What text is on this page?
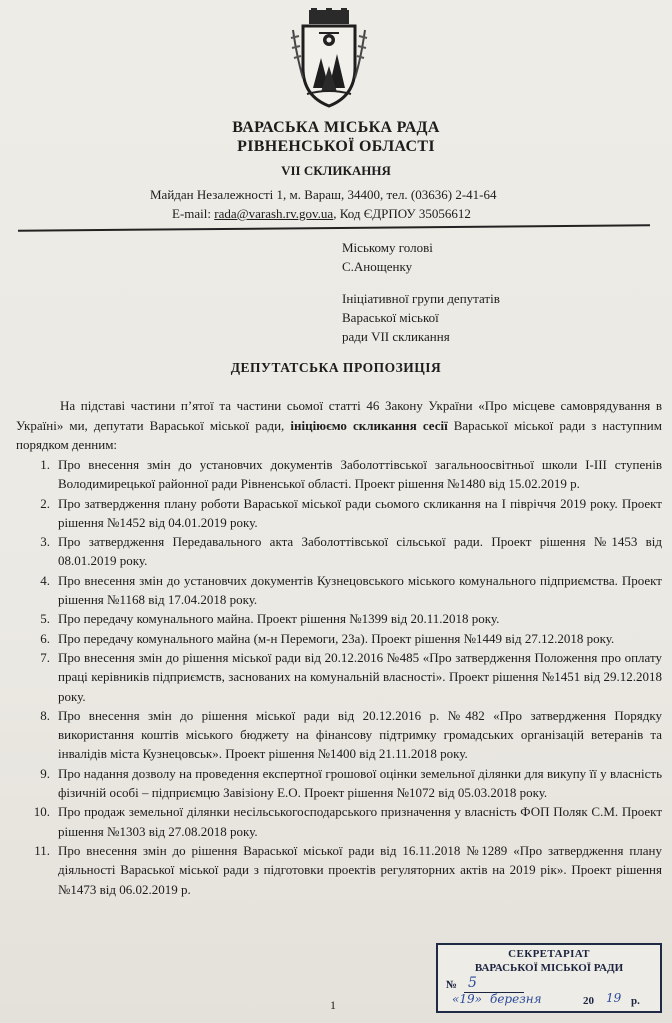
ВАРАСЬКА МІСЬКА РАДА
РІВНЕНСЬКОЇ ОБЛАСТІ
VII СКЛИКАННЯ
Майдан Незалежності 1, м. Вараш, 34400, тел. (03636) 2-41-64
E-mail: rada@varash.rv.gov.ua, Код ЄДРПОУ 35056612
Міському голові
С.Анощенку
Ініціативної групи депутатів
Вараської міської
ради VII скликання
ДЕПУТАТСЬКА ПРОПОЗИЦІЯ

На підставі частини п’ятої та частини сьомої статті 46 Закону України «Про місцеве самоврядування в Україні» ми, депутати Вараської міської ради, ініціюємо скликання сесії Вараської міської ради з наступним порядком денним:

1. Про внесення змін до установчих документів Заболоттівської загальноосвітньої школи І-ІІІ ступенів Володимирецької районної ради Рівненської області. Проект рішення №1480 від 15.02.2019 р.
2. Про затвердження плану роботи Вараської міської ради сьомого скликання на І півріччя 2019 року. Проект рішення №1452 від 04.01.2019 року.
3. Про затвердження Передавального акта Заболоттівської сільської ради. Проект рішення №1453 від 08.01.2019 року.
4. Про внесення змін до установчих документів Кузнецовського міського комунального підприємства. Проект рішення №1168 від 17.04.2018 року.
5. Про передачу комунального майна. Проект рішення №1399 від 20.11.2018 року.
6. Про передачу комунального майна (м-н Перемоги, 23а). Проект рішення №1449 від 27.12.2018 року.
7. Про внесення змін до рішення міської ради від 20.12.2016 №485 «Про затвердження Положення про оплату праці керівників підприємств, заснованих на комунальній власності». Проект рішення №1451 від 29.12.2018 року.
8. Про внесення змін до рішення міської ради від 20.12.2016 р. №482 «Про затвердження Порядку використання коштів міського бюджету на фінансову підтримку громадських організацій ветеранів та інвалідів міста Кузнецовськ». Проект рішення №1400 від 21.11.2018 року.
9. Про надання дозволу на проведення експертної грошової оцінки земельної ділянки для викупу її у власність фізичній особі – підприємцю Завізіону Е.О. Проект рішення №1072 від 05.03.2018 року.
10. Про продаж земельної ділянки несільськогосподарського призначення у власність ФОП Поляк С.М. Проект рішення №1303 від 27.08.2018 року.
11. Про внесення змін до рішення Вараської міської ради від 16.11.2018 №1289 «Про затвердження плану діяльності Вараської міської ради з підготовки проектів регуляторних актів на 2019 рік». Проект рішення №1473 від 06.02.2019 р.
СЕКРЕТАРІАТ
ВАРАСЬКОЇ МІСЬКОЇ РАДИ
№ 5
«19» березня	20 19 р.
1
